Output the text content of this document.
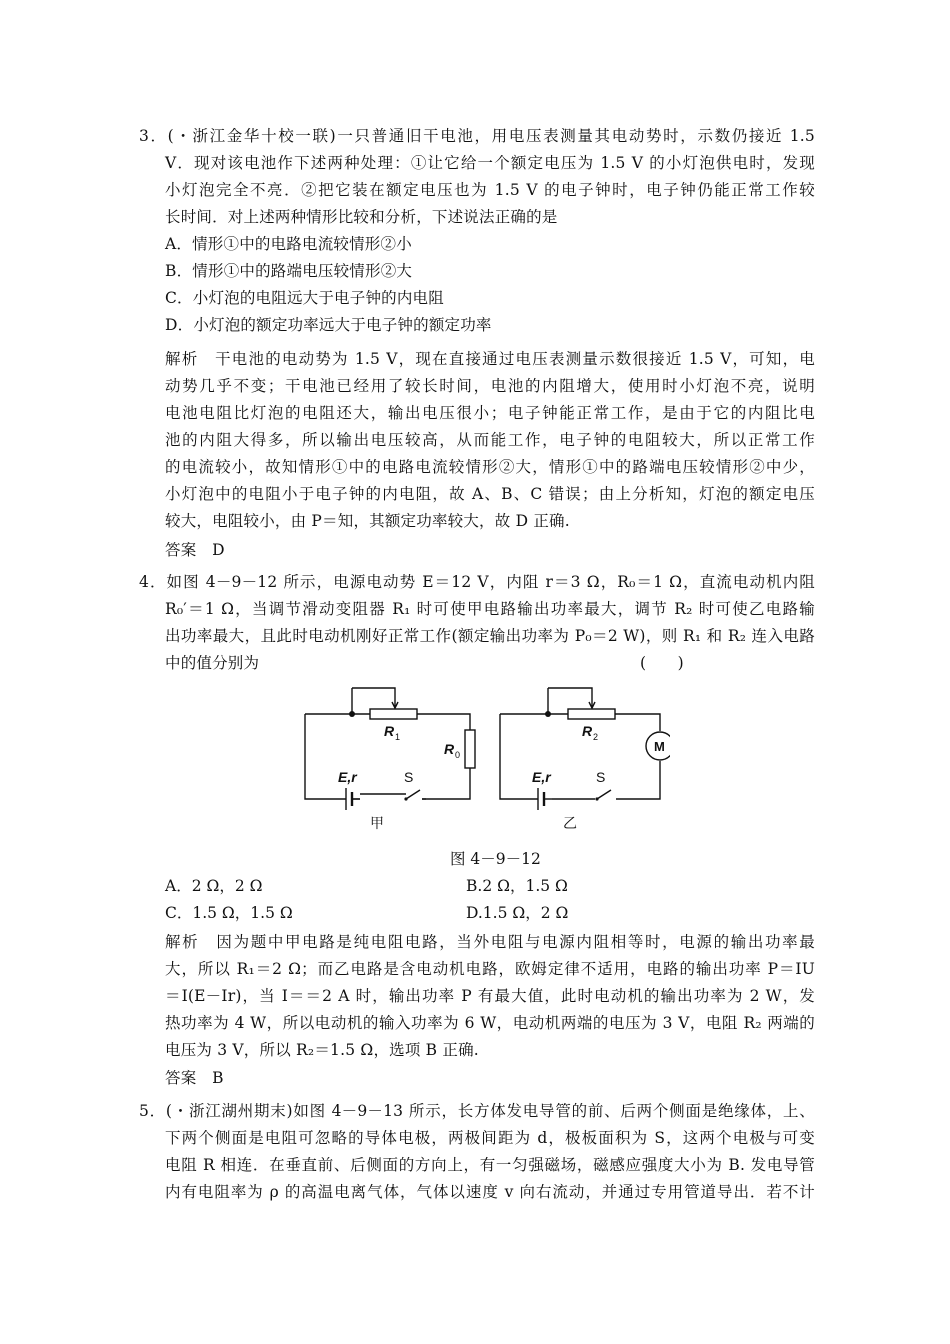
3．(・浙江金华十校一联)一只普通旧干电池，用电压表测量其电动势时，示数仍接近 1.5
V．现对该电池作下述两种处理：①让它给一个额定电压为 1.5 V 的小灯泡供电时，发现
小灯泡完全不亮．②把它装在额定电压也为 1.5 V 的电子钟时，电子钟仍能正常工作较
长时间．对上述两种情形比较和分析，下述说法正确的是
A．情形①中的电路电流较情形②小
B．情形①中的路端电压较情形②大
C．小灯泡的电阻远大于电子钟的内电阻
D．小灯泡的额定功率远大于电子钟的额定功率
解析　干电池的电动势为 1.5 V，现在直接通过电压表测量示数很接近 1.5 V，可知，电
动势几乎不变；干电池已经用了较长时间，电池的内阻增大，使用时小灯泡不亮，说明
电池电阻比灯泡的电阻还大，输出电压很小；电子钟能正常工作，是由于它的内阻比电
池的内阻大得多，所以输出电压较高，从而能工作，电子钟的电阻较大，所以正常工作
的电流较小，故知情形①中的电路电流较情形②大，情形①中的路端电压较情形②中少，
小灯泡中的电阻小于电子钟的内电阻，故 A、B、C 错误；由上分析知，灯泡的额定电压
较大，电阻较小，由 P＝知，其额定功率较大，故 D 正确.
答案　D
4．如图 4－9－12 所示，电源电动势 E＝12 V，内阻 r＝3 Ω，R₀＝1 Ω，直流电动机内阻
R₀′＝1 Ω，当调节滑动变阻器 R₁ 时可使甲电路输出功率最大，调节 R₂ 时可使乙电路输
出功率最大，且此时电动机刚好正常工作(额定输出功率为 P₀＝2 W)，则 R₁ 和 R₂ 连入电路
中的值分别为	(　　)
R 1
R 0
E,r	S
甲
R 2
M
E,r	S
乙
图 4－9－12
A．2 Ω，2 Ω	B.2 Ω，1.5 Ω
C．1.5 Ω，1.5 Ω	D.1.5 Ω，2 Ω
解析　因为题中甲电路是纯电阻电路，当外电阻与电源内阻相等时，电源的输出功率最
大，所以 R₁＝2 Ω；而乙电路是含电动机电路，欧姆定律不适用，电路的输出功率 P＝IU
＝I(E－Ir)，当 I＝＝2 A 时，输出功率 P 有最大值，此时电动机的输出功率为 2 W，发
热功率为 4 W，所以电动机的输入功率为 6 W，电动机两端的电压为 3 V，电阻 R₂ 两端的
电压为 3 V，所以 R₂＝1.5 Ω，选项 B 正确.
答案　B
5．(・浙江湖州期末)如图 4－9－13 所示，长方体发电导管的前、后两个侧面是绝缘体，上、
下两个侧面是电阻可忽略的导体电极，两极间距为 d，极板面积为 S，这两个电极与可变
电阻 R 相连．在垂直前、后侧面的方向上，有一匀强磁场，磁感应强度大小为 B. 发电导管
内有电阻率为 ρ 的高温电离气体，气体以速度 v 向右流动，并通过专用管道导出．若不计
